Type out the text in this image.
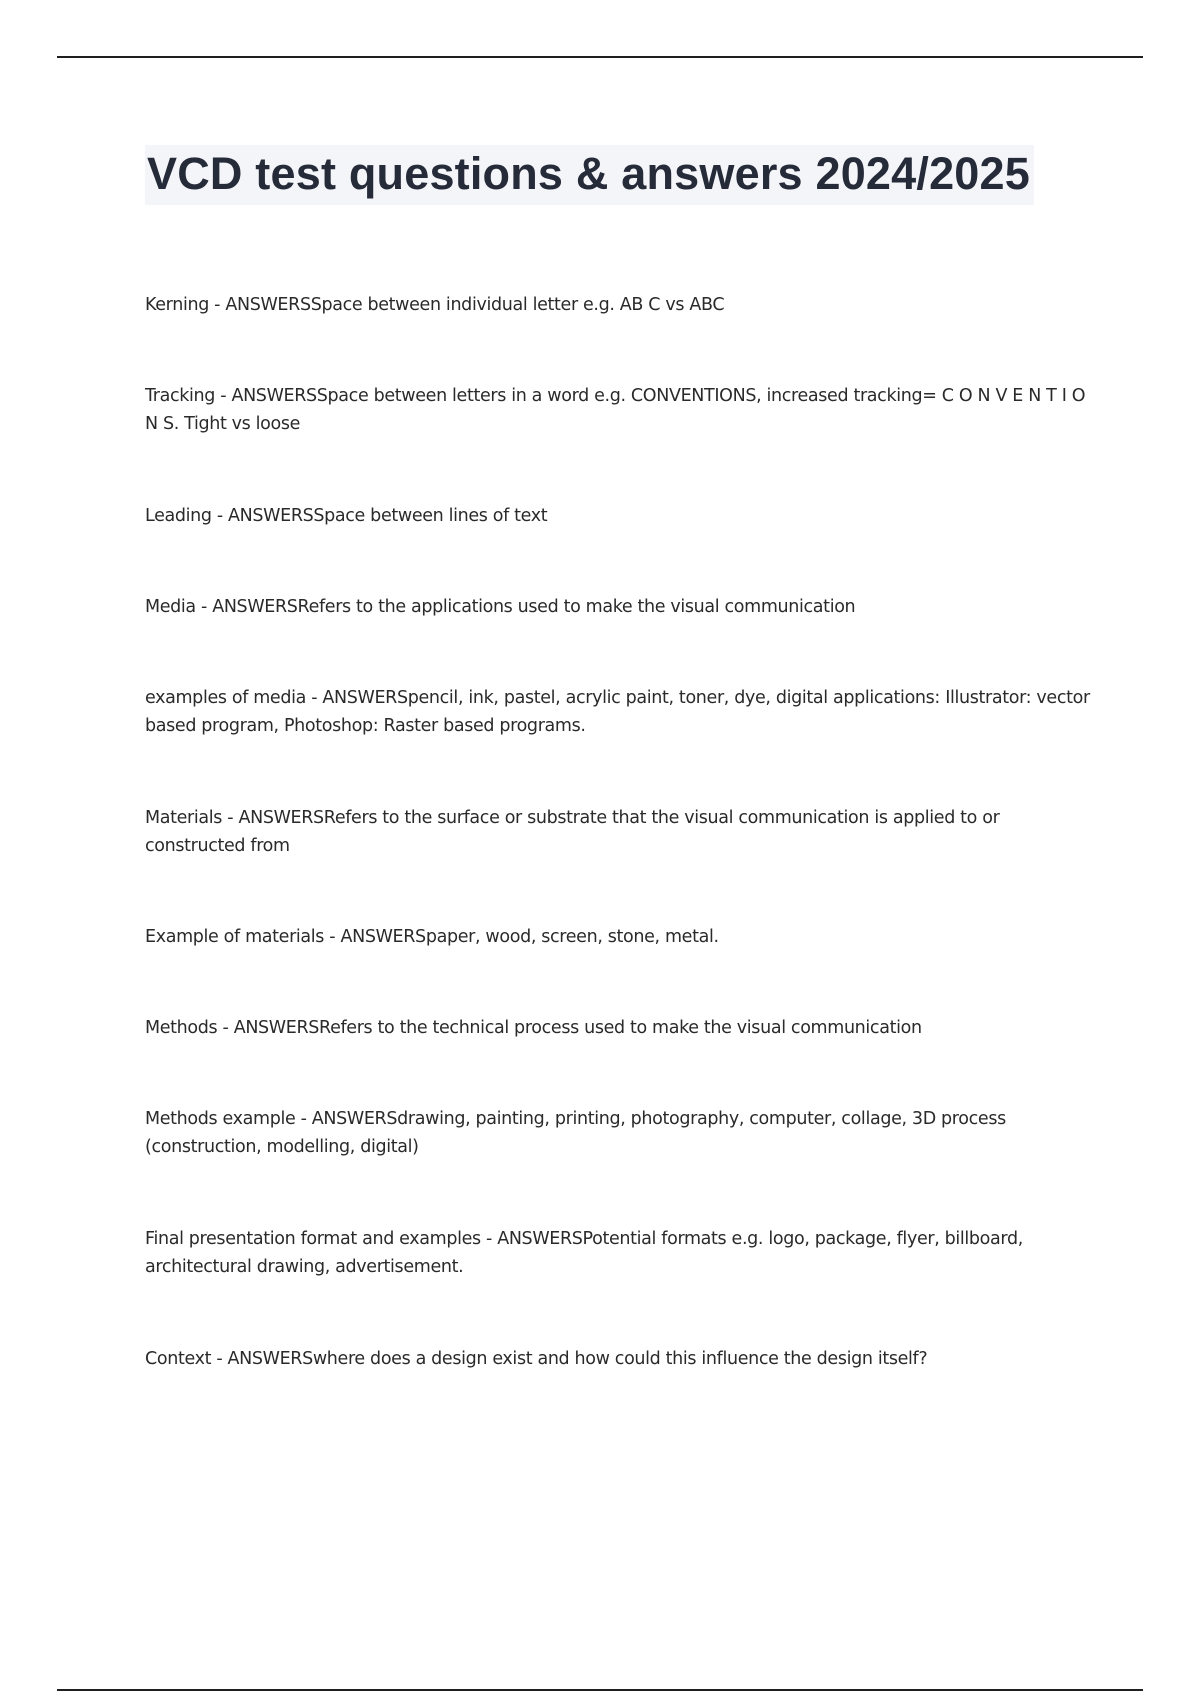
VCD test questions & answers 2024/2025

Kerning - ANSWERSSpace between individual letter e.g. AB C vs ABC

Tracking - ANSWERSSpace between letters in a word e.g. CONVENTIONS, increased tracking= C O N V E N T I O N S. Tight vs loose

Leading - ANSWERSSpace between lines of text

Media - ANSWERSRefers to the applications used to make the visual communication

examples of media - ANSWERSpencil, ink, pastel, acrylic paint, toner, dye, digital applications: Illustrator: vector based program, Photoshop: Raster based programs.

Materials - ANSWERSRefers to the surface or substrate that the visual communication is applied to or constructed from

Example of materials - ANSWERSpaper, wood, screen, stone, metal.

Methods - ANSWERSRefers to the technical process used to make the visual communication

Methods example - ANSWERSdrawing, painting, printing, photography, computer, collage, 3D process (construction, modelling, digital)

Final presentation format and examples - ANSWERSPotential formats e.g. logo, package, flyer, billboard, architectural drawing, advertisement.

Context - ANSWERSwhere does a design exist and how could this influence the design itself?
